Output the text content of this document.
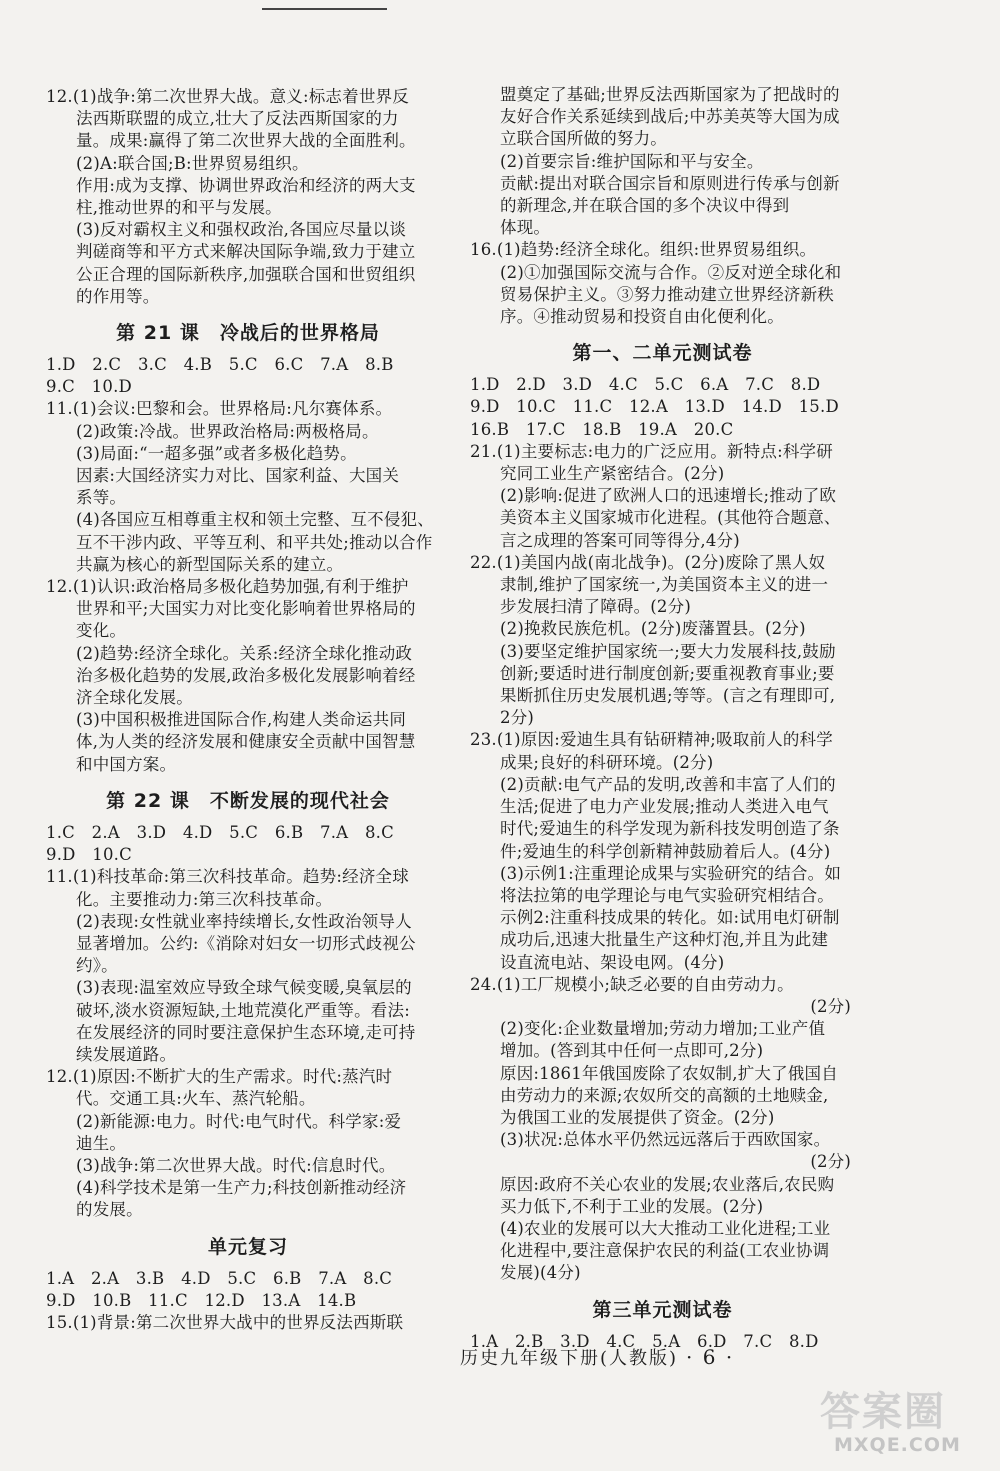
12.(1)战争:第二次世界大战。意义:标志着世界反
法西斯联盟的成立,壮大了反法西斯国家的力
量。成果:赢得了第二次世界大战的全面胜利。
(2)A:联合国;B:世界贸易组织。
作用:成为支撑、协调世界政治和经济的两大支
柱,推动世界的和平与发展。
(3)反对霸权主义和强权政治,各国应尽量以谈
判磋商等和平方式来解决国际争端,致力于建立
公正合理的国际新秩序,加强联合国和世贸组织
的作用等。
第 21 课　冷战后的世界格局
1.D　2.C　3.C　4.B　5.C　6.C　7.A　8.B
9.C　10.D
11.(1)会议:巴黎和会。世界格局:凡尔赛体系。
(2)政策:冷战。世界政治格局:两极格局。
(3)局面:“一超多强”或者多极化趋势。
因素:大国经济实力对比、国家利益、大国关
系等。
(4)各国应互相尊重主权和领土完整、互不侵犯、
互不干涉内政、平等互利、和平共处;推动以合作
共赢为核心的新型国际关系的建立。
12.(1)认识:政治格局多极化趋势加强,有利于维护
世界和平;大国实力对比变化影响着世界格局的
变化。
(2)趋势:经济全球化。关系:经济全球化推动政
治多极化趋势的发展,政治多极化发展影响着经
济全球化发展。
(3)中国积极推进国际合作,构建人类命运共同
体,为人类的经济发展和健康安全贡献中国智慧
和中国方案。
第 22 课　不断发展的现代社会
1.C　2.A　3.D　4.D　5.C　6.B　7.A　8.C
9.D　10.C
11.(1)科技革命:第三次科技革命。趋势:经济全球
化。主要推动力:第三次科技革命。
(2)表现:女性就业率持续增长,女性政治领导人
显著增加。公约:《消除对妇女一切形式歧视公
约》。
(3)表现:温室效应导致全球气候变暖,臭氧层的
破坏,淡水资源短缺,土地荒漠化严重等。看法:
在发展经济的同时要注意保护生态环境,走可持
续发展道路。
12.(1)原因:不断扩大的生产需求。时代:蒸汽时
代。交通工具:火车、蒸汽轮船。
(2)新能源:电力。时代:电气时代。科学家:爱
迪生。
(3)战争:第二次世界大战。时代:信息时代。
(4)科学技术是第一生产力;科技创新推动经济
的发展。
单元复习
1.A　2.A　3.B　4.D　5.C　6.B　7.A　8.C
9.D　10.B　11.C　12.D　13.A　14.B
15.(1)背景:第二次世界大战中的世界反法西斯联
盟奠定了基础;世界反法西斯国家为了把战时的
友好合作关系延续到战后;中苏美英等大国为成
立联合国所做的努力。
(2)首要宗旨:维护国际和平与安全。
贡献:提出对联合国宗旨和原则进行传承与创新
的新理念,并在联合国的多个决议中得到
体现。
16.(1)趋势:经济全球化。组织:世界贸易组织。
(2)①加强国际交流与合作。②反对逆全球化和
贸易保护主义。③努力推动建立世界经济新秩
序。④推动贸易和投资自由化便利化。
第一、二单元测试卷
1.D　2.D　3.D　4.C　5.C　6.A　7.C　8.D
9.D　10.C　11.C　12.A　13.D　14.D　15.D
16.B　17.C　18.B　19.A　20.C
21.(1)主要标志:电力的广泛应用。新特点:科学研
究同工业生产紧密结合。(2分)
(2)影响:促进了欧洲人口的迅速增长;推动了欧
美资本主义国家城市化进程。(其他符合题意、
言之成理的答案可同等得分,4分)
22.(1)美国内战(南北战争)。(2分)废除了黑人奴
隶制,维护了国家统一,为美国资本主义的进一
步发展扫清了障碍。(2分)
(2)挽救民族危机。(2分)废藩置县。(2分)
(3)要坚定维护国家统一;要大力发展科技,鼓励
创新;要适时进行制度创新;要重视教育事业;要
果断抓住历史发展机遇;等等。(言之有理即可,
2分)
23.(1)原因:爱迪生具有钻研精神;吸取前人的科学
成果;良好的科研环境。(2分)
(2)贡献:电气产品的发明,改善和丰富了人们的
生活;促进了电力产业发展;推动人类进入电气
时代;爱迪生的科学发现为新科技发明创造了条
件;爱迪生的科学创新精神鼓励着后人。(4分)
(3)示例1:注重理论成果与实验研究的结合。如
将法拉第的电学理论与电气实验研究相结合。
示例2:注重科技成果的转化。如:试用电灯研制
成功后,迅速大批量生产这种灯泡,并且为此建
设直流电站、架设电网。(4分)
24.(1)工厂规模小;缺乏必要的自由劳动力。
(2分)
(2)变化:企业数量增加;劳动力增加;工业产值
增加。(答到其中任何一点即可,2分)
原因:1861年俄国废除了农奴制,扩大了俄国自
由劳动力的来源;农奴所交的高额的土地赎金,
为俄国工业的发展提供了资金。(2分)
(3)状况:总体水平仍然远远落后于西欧国家。
(2分)
原因:政府不关心农业的发展;农业落后,农民购
买力低下,不利于工业的发展。(2分)
(4)农业的发展可以大大推动工业化进程;工业
化进程中,要注意保护农民的利益(工农业协调
发展)(4分)
第三单元测试卷
1.A　2.B　3.D　4.C　5.A　6.D　7.C　8.D
历史九年级下册(人教版) · 6 ·
答案圈
MXQE.COM
